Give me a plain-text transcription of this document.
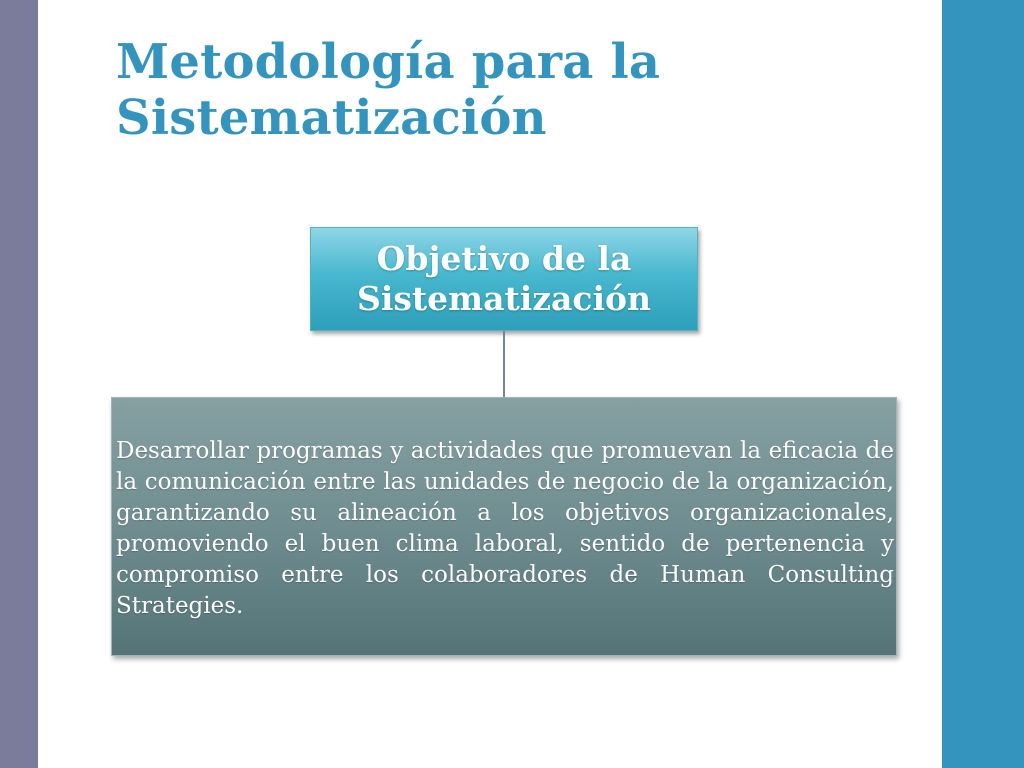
Metodología para la
Sistematización
Objetivo de la
Sistematización

Desarrollar programas y actividades que promuevan la eficacia de la comunicación entre las unidades de negocio de la organización, garantizando su alineación a los objetivos organizacionales, promoviendo el buen clima laboral, sentido de pertenencia y compromiso entre los colaboradores de Human Consulting Strategies.
